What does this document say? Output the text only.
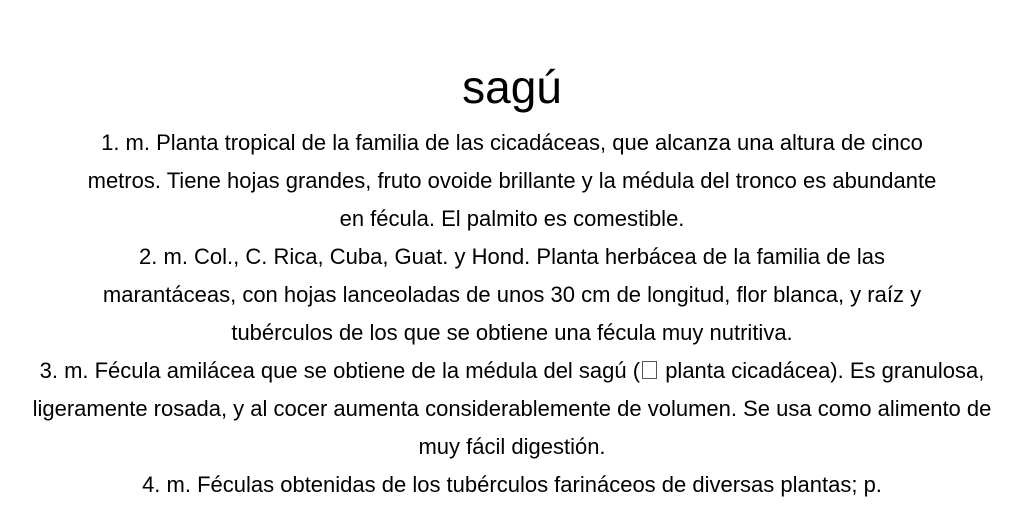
sagú

1. m. Planta tropical de la familia de las cicadáceas, que alcanza una altura de cinco metros. Tiene hojas grandes, fruto ovoide brillante y la médula del tronco es abundante en fécula. El palmito es comestible.

2. m. Col., C. Rica, Cuba, Guat. y Hond. Planta herbácea de la familia de las marantáceas, con hojas lanceoladas de unos 30 cm de longitud, flor blanca, y raíz y tubérculos de los que se obtiene una fécula muy nutritiva.

3. m. Fécula amilácea que se obtiene de la médula del sagú ( planta cicadácea). Es granulosa, ligeramente rosada, y al cocer aumenta considerablemente de volumen. Se usa como alimento de muy fácil digestión.

4. m. Féculas obtenidas de los tubérculos farináceos de diversas plantas; p.
